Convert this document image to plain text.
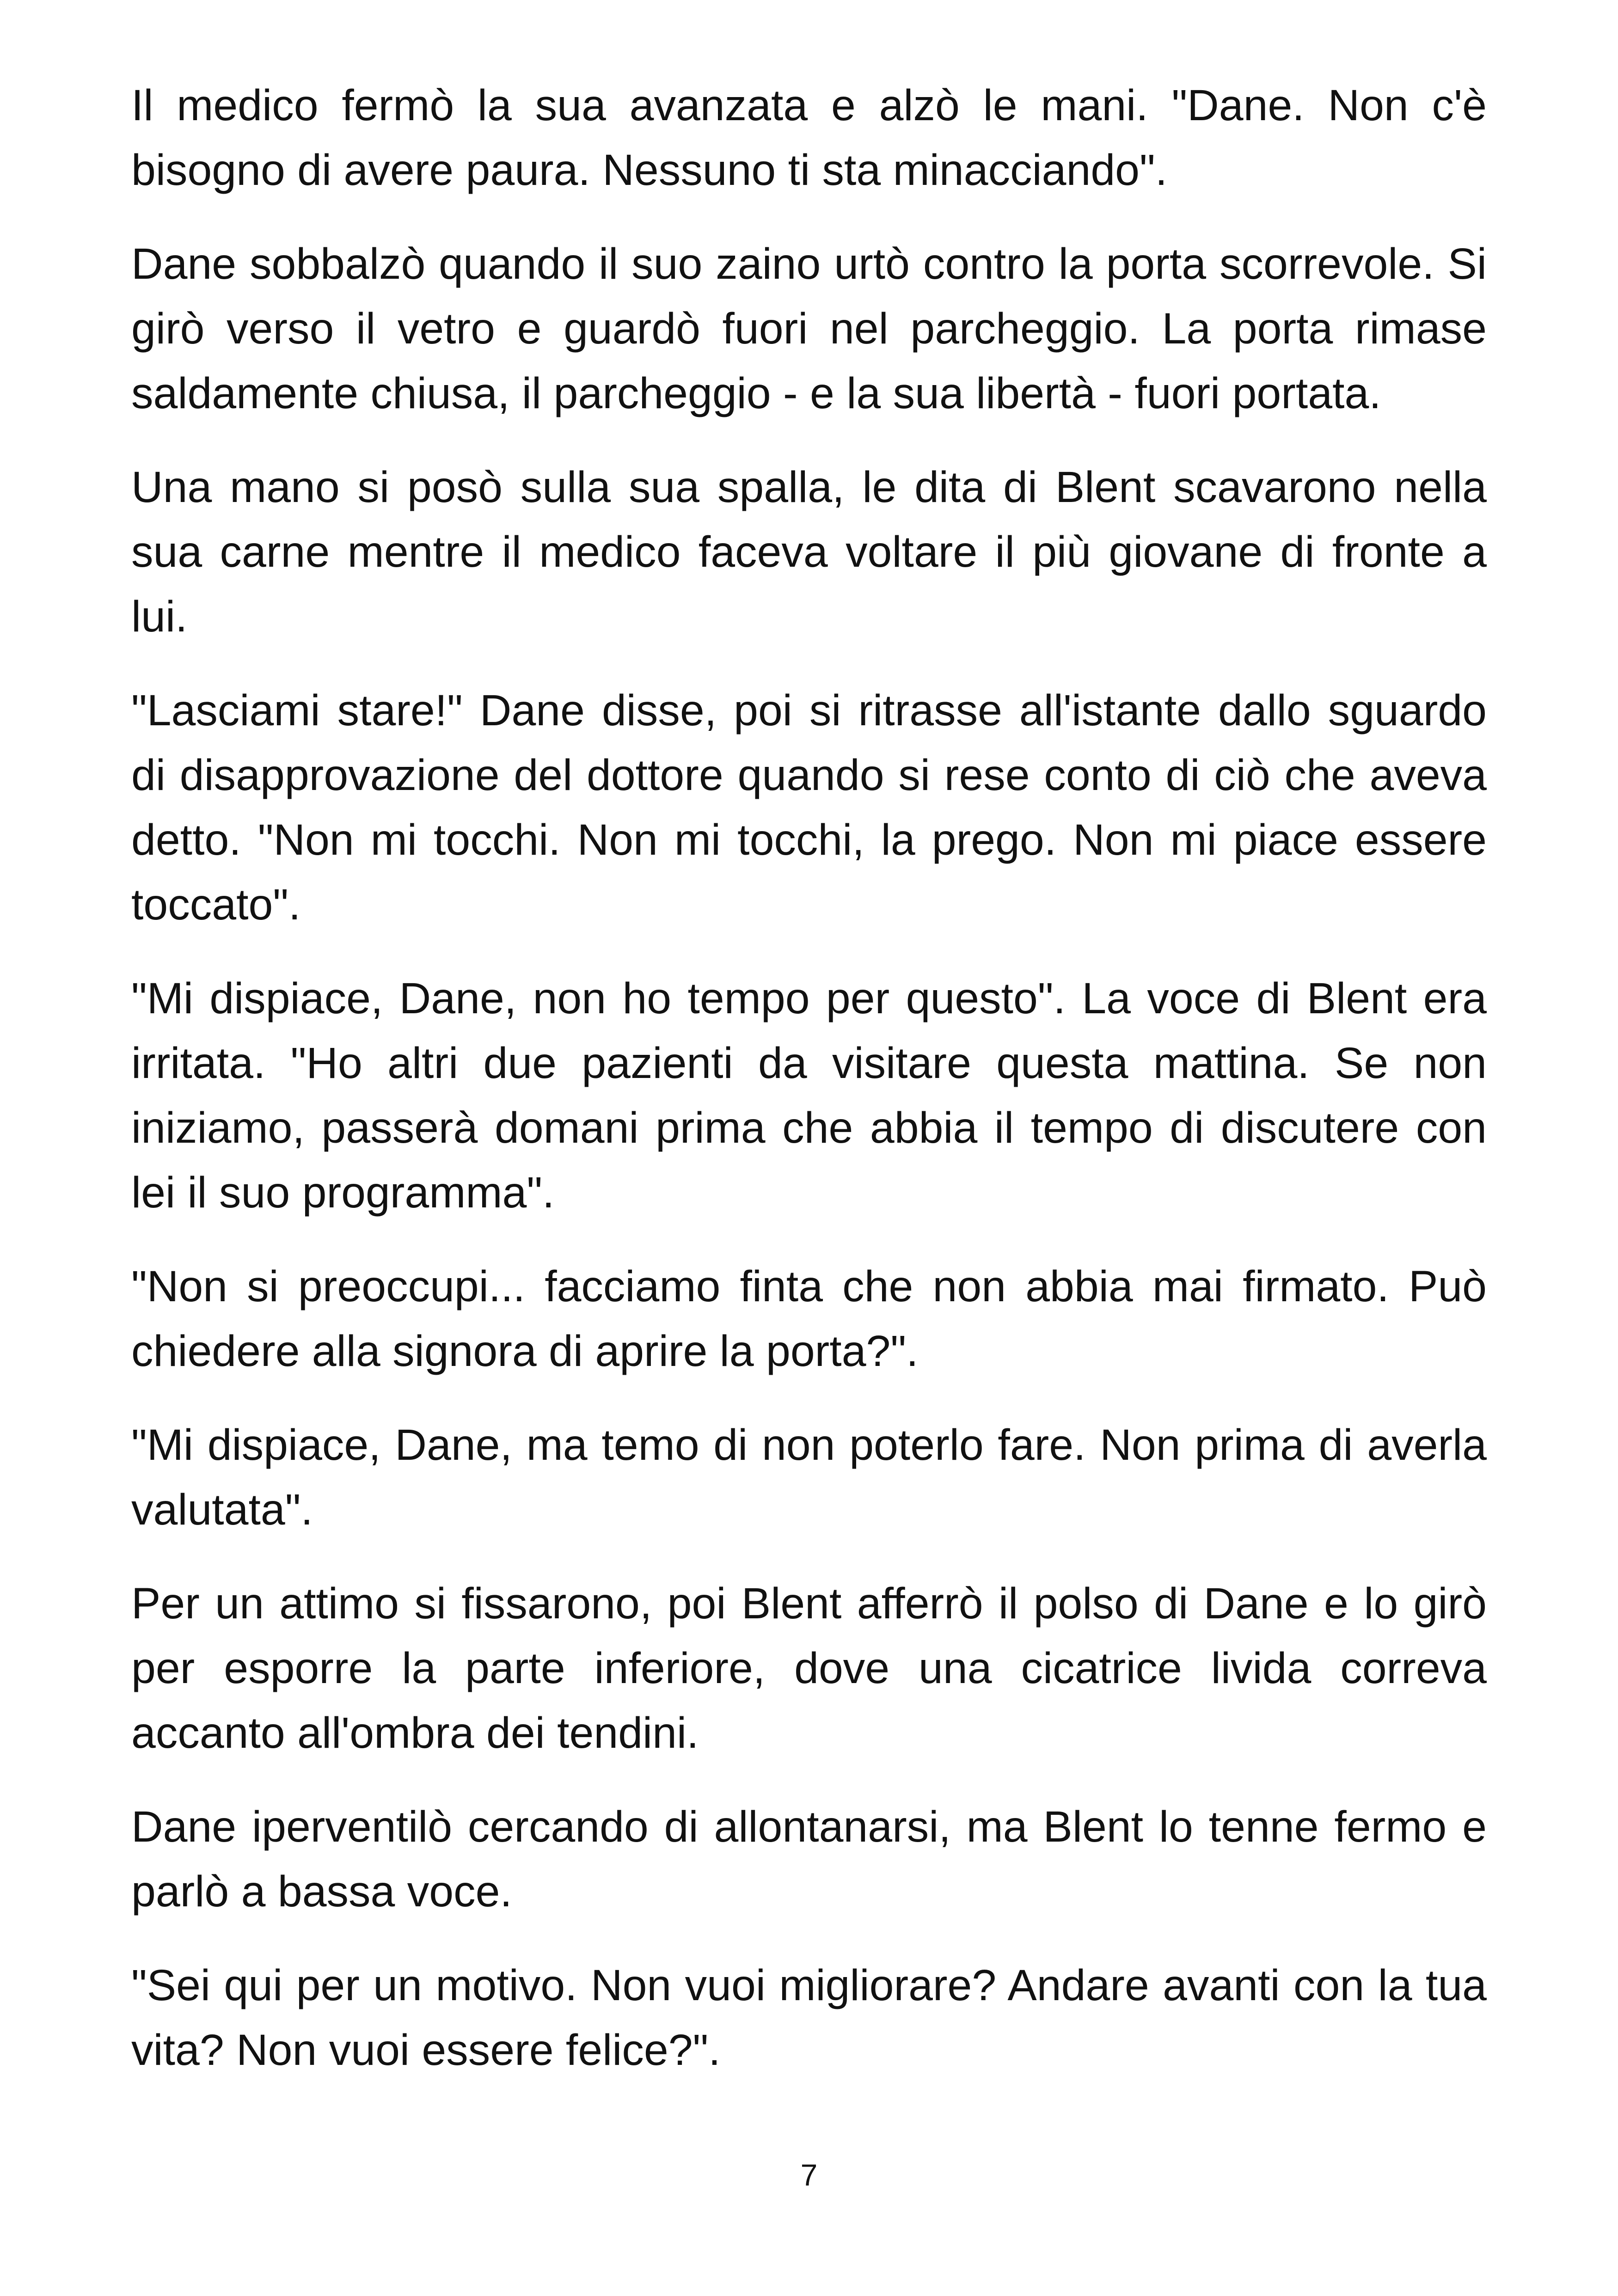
Il medico fermò la sua avanzata e alzò le mani. "Dane. Non c'è bisogno di avere paura. Nessuno ti sta minacciando".

Dane sobbalzò quando il suo zaino urtò contro la porta scorrevole. Si girò verso il vetro e guardò fuori nel parcheggio. La porta rimase saldamente chiusa, il parcheggio - e la sua libertà - fuori portata.

Una mano si posò sulla sua spalla, le dita di Blent scavarono nella sua carne mentre il medico faceva voltare il più giovane di fronte a lui.

"Lasciami stare!" Dane disse, poi si ritrasse all'istante dallo sguardo di disapprovazione del dottore quando si rese conto di ciò che aveva detto. "Non mi tocchi. Non mi tocchi, la prego. Non mi piace essere toccato".

"Mi dispiace, Dane, non ho tempo per questo". La voce di Blent era irritata. "Ho altri due pazienti da visitare questa mattina. Se non iniziamo, passerà domani prima che abbia il tempo di discutere con lei il suo programma".

"Non si preoccupi... facciamo finta che non abbia mai firmato. Può chiedere alla signora di aprire la porta?".

"Mi dispiace, Dane, ma temo di non poterlo fare. Non prima di averla valutata".

Per un attimo si fissarono, poi Blent afferrò il polso di Dane e lo girò per esporre la parte inferiore, dove una cicatrice livida correva accanto all'ombra dei tendini.

Dane iperventilò cercando di allontanarsi, ma Blent lo tenne fermo e parlò a bassa voce.

"Sei qui per un motivo. Non vuoi migliorare? Andare avanti con la tua vita? Non vuoi essere felice?".

7
